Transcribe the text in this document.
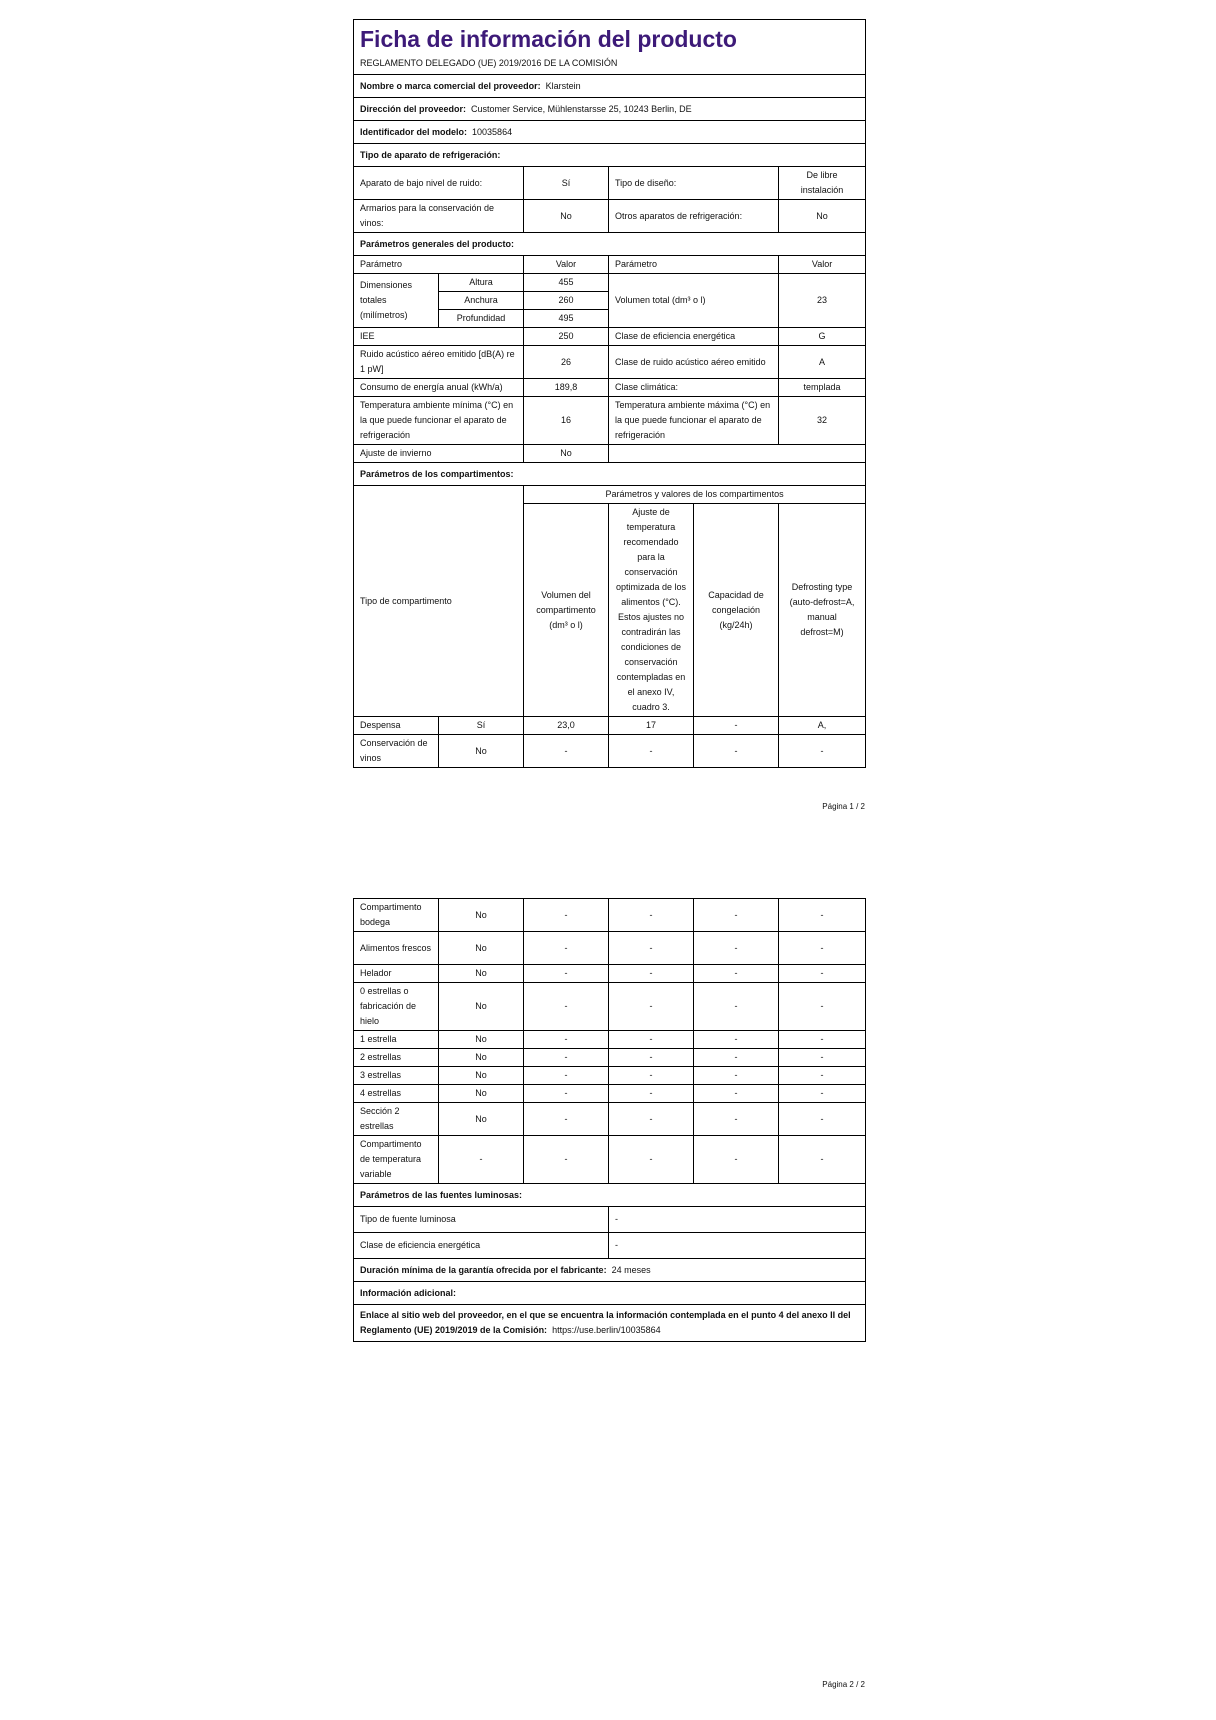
Ficha de información del producto
REGLAMENTO DELEGADO (UE) 2019/2016 DE LA COMISIÓN					

Nombre o marca comercial del proveedor: Klarstein					
Dirección del proveedor: Customer Service, Mühlenstarsse 25, 10243 Berlin, DE					
Identificador del modelo: 10035864					
Tipo de aparato de refrigeración:					
Aparato de bajo nivel de ruido:		Sí	Tipo de diseño:		De libre instalación
Armarios para la conservación de vinos:		No	Otros aparatos de refrigeración:		No
Parámetros generales del producto:					
Parámetro		Valor	Parámetro		Valor
Dimensiones totales (milímetros)	Altura	455	Volumen total (dm³ o l)		23
	Anchura	260			
	Profundidad	495			
IEE		250	Clase de eficiencia energética		G
Ruido acústico aéreo emitido [dB(A) re 1 pW]		26	Clase de ruido acústico aéreo emitido		A
Consumo de energía anual (kWh/a)		189,8	Clase climática:		templada
Temperatura ambiente mínima (°C) en la que puede funcionar el aparato de refrigeración		16	Temperatura ambiente máxima (°C) en la que puede funcionar el aparato de refrigeración		32
Ajuste de invierno		No			
Parámetros de los compartimentos:					
Tipo de compartimento		Parámetros y valores de los compartimentos			
		Volumen del compartimento (dm³ o l)	Ajuste de temperatura recomendado para la conservación optimizada de los alimentos (°C). Estos ajustes no contradirán las condiciones de conservación contempladas en el anexo IV, cuadro 3.	Capacidad de congelación (kg/24h)	Defrosting type (auto-defrost=A, manual defrost=M)
Despensa	Sí	23,0	17	-	A,
Conservación de vinos	No	-	-	-	-
Página 1 / 2
Compartimento bodega	No	-	-	-	-
Alimentos frescos	No	-	-	-	-
Helador	No	-	-	-	-
0 estrellas o fabricación de hielo	No	-	-	-	-
1 estrella	No	-	-	-	-
2 estrellas	No	-	-	-	-
3 estrellas	No	-	-	-	-
4 estrellas	No	-	-	-	-
Sección 2 estrellas	No	-	-	-	-
Compartimento de temperatura variable	-	-	-	-	-
Parámetros de las fuentes luminosas:					
Tipo de fuente luminosa			-		
Clase de eficiencia energética			-		
Duración mínima de la garantía ofrecida por el fabricante: 24 meses					
Información adicional:					
Enlace al sitio web del proveedor, en el que se encuentra la información contemplada en el punto 4 del anexo II del Reglamento (UE) 2019/2019 de la Comisión: https://use.berlin/10035864					
Página 2 / 2
